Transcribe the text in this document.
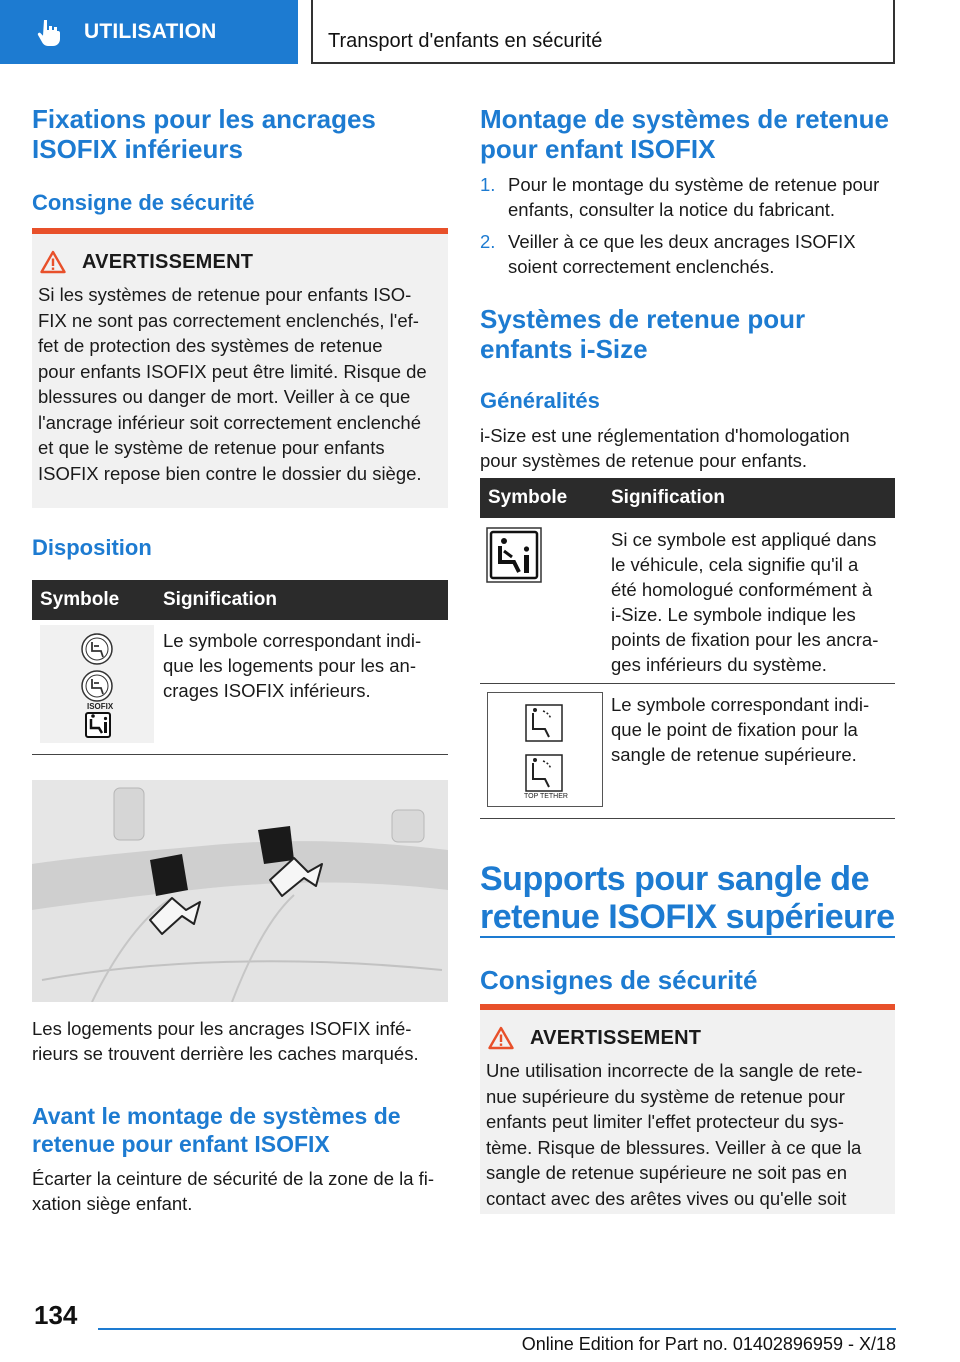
UTILISATION	Transport d'enfants en sécurité
Fixations pour les ancrages ISOFIX inférieurs
Consigne de sécurité
AVERTISSEMENT
Si les systèmes de retenue pour enfants ISO-
FIX ne sont pas correctement enclenchés, l'ef-
fet de protection des systèmes de retenue
pour enfants ISOFIX peut être limité. Risque de
blessures ou danger de mort. Veiller à ce que
l'ancrage inférieur soit correctement enclenché
et que le système de retenue pour enfants
ISOFIX repose bien contre le dossier du siège.
Disposition
Symbole Signification
ISOFIX
Le symbole correspondant indi-
que les logements pour les an-
crages ISOFIX inférieurs.
Les logements pour les ancrages ISOFIX infé-
rieurs se trouvent derrière les caches marqués.
Avant le montage de systèmes de retenue pour enfant ISOFIX
Écarter la ceinture de sécurité de la zone de la fi-
xation siège enfant.
Montage de systèmes de retenue pour enfant ISOFIX
1. Pour le montage du système de retenue pour
enfants, consulter la notice du fabricant.
2. Veiller à ce que les deux ancrages ISOFIX
soient correctement enclenchés.
Systèmes de retenue pour enfants i-Size
Généralités
i-Size est une réglementation d'homologation
pour systèmes de retenue pour enfants.
Symbole Signification
Si ce symbole est appliqué dans
le véhicule, cela signifie qu'il a
été homologué conformément à
i-Size. Le symbole indique les
points de fixation pour les ancra-
ges inférieurs du système.
TOP TETHER
Le symbole correspondant indi-
que le point de fixation pour la
sangle de retenue supérieure.
Supports pour sangle de retenue ISOFIX supérieure
Consignes de sécurité
AVERTISSEMENT
Une utilisation incorrecte de la sangle de rete-
nue supérieure du système de retenue pour
enfants peut limiter l'effet protecteur du sys-
tème. Risque de blessures. Veiller à ce que la
sangle de retenue supérieure ne soit pas en
contact avec des arêtes vives ou qu'elle soit
134
Online Edition for Part no. 01402896959 - X/18
